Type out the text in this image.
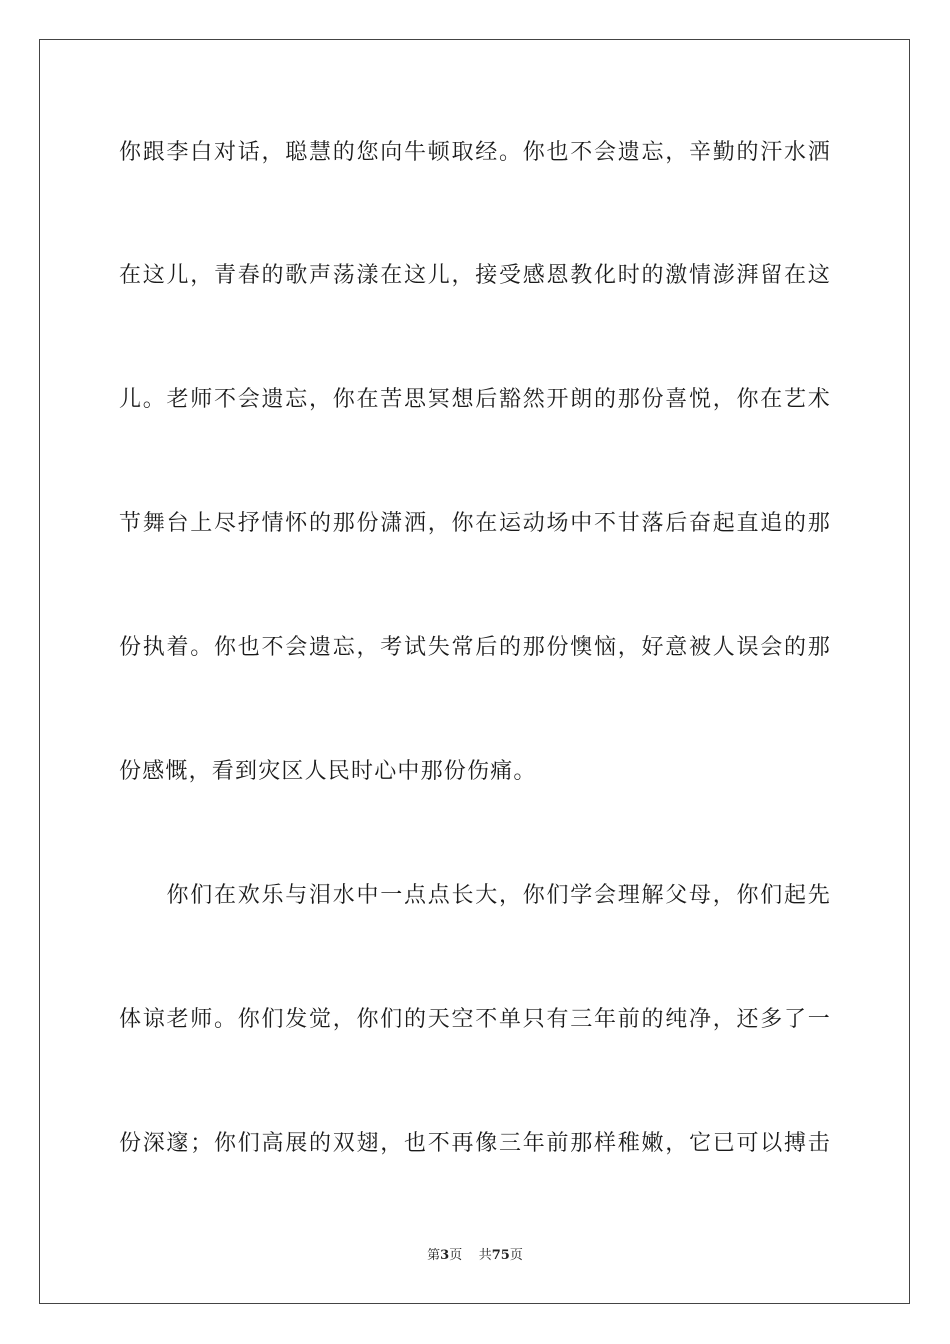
你跟李白对话，聪慧的您向牛顿取经。你也不会遗忘，辛勤的汗水洒
在这儿，青春的歌声荡漾在这儿，接受感恩教化时的激情澎湃留在这
儿。老师不会遗忘，你在苦思冥想后豁然开朗的那份喜悦，你在艺术
节舞台上尽抒情怀的那份潇洒，你在运动场中不甘落后奋起直追的那
份执着。你也不会遗忘，考试失常后的那份懊恼，好意被人误会的那
份感慨，看到灾区人民时心中那份伤痛。
　　你们在欢乐与泪水中一点点长大，你们学会理解父母，你们起先
体谅老师。你们发觉，你们的天空不单只有三年前的纯净，还多了一
份深邃；你们高展的双翅，也不再像三年前那样稚嫩，它已可以搏击
第3页 共75页
